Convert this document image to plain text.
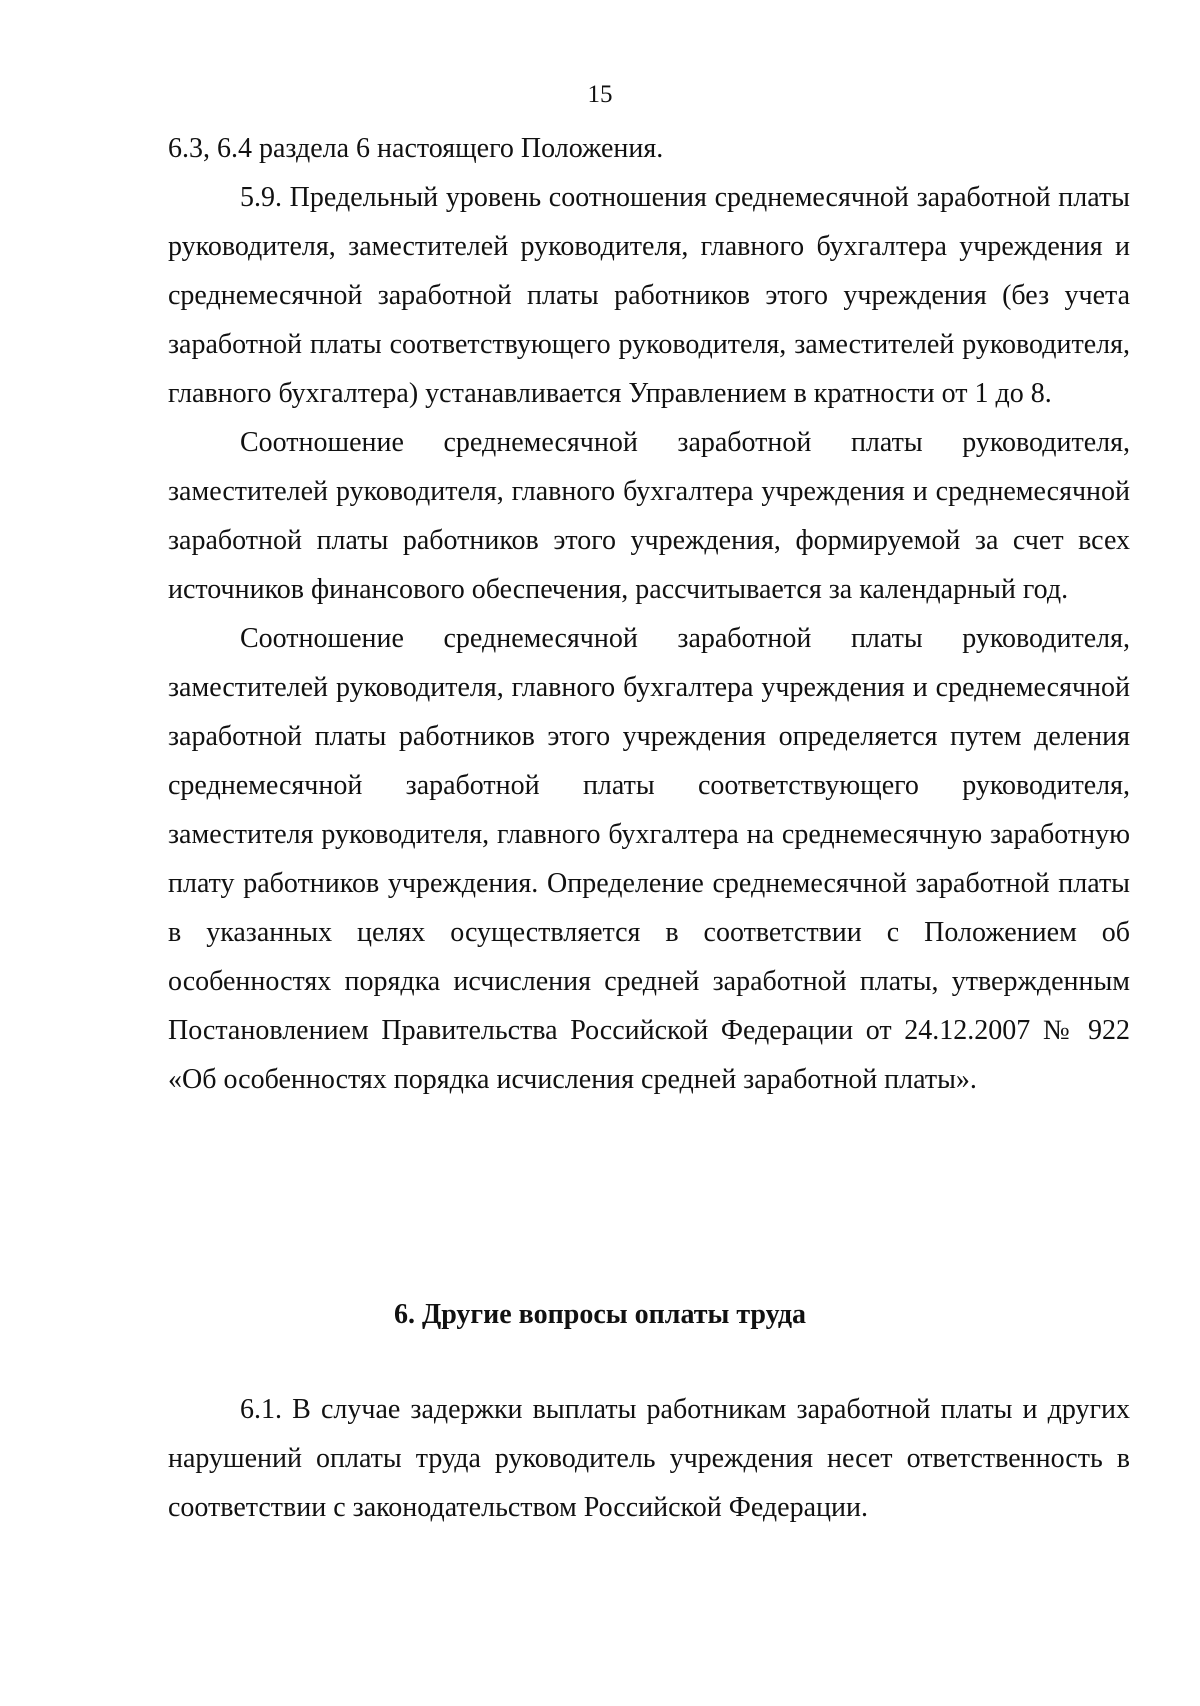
15

6.3, 6.4 раздела 6 настоящего Положения.

5.9. Предельный уровень соотношения среднемесячной заработной платы руководителя, заместителей руководителя, главного бухгалтера учреждения и среднемесячной заработной платы работников этого учреждения (без учета заработной платы соответствующего руководителя, заместителей руководителя, главного бухгалтера) устанавливается Управлением в кратности от 1 до 8.

Соотношение среднемесячной заработной платы руководителя, заместителей руководителя, главного бухгалтера учреждения и среднемесячной заработной платы работников этого учреждения, формируемой за счет всех источников финансового обеспечения, рассчитывается за календарный год.

Соотношение среднемесячной заработной платы руководителя, заместителей руководителя, главного бухгалтера учреждения и среднемесячной заработной платы работников этого учреждения определяется путем деления среднемесячной заработной платы соответствующего руководителя, заместителя руководителя, главного бухгалтера на среднемесячную заработную плату работников учреждения. Определение среднемесячной заработной платы в указанных целях осуществляется в соответствии с Положением об особенностях порядка исчисления средней заработной платы, утвержденным Постановлением Правительства Российской Федерации от 24.12.2007 № 922 «Об особенностях порядка исчисления средней заработной платы».

6. Другие вопросы оплаты труда

6.1. В случае задержки выплаты работникам заработной платы и других нарушений оплаты труда руководитель учреждения несет ответственность в соответствии с законодательством Российской Федерации.
